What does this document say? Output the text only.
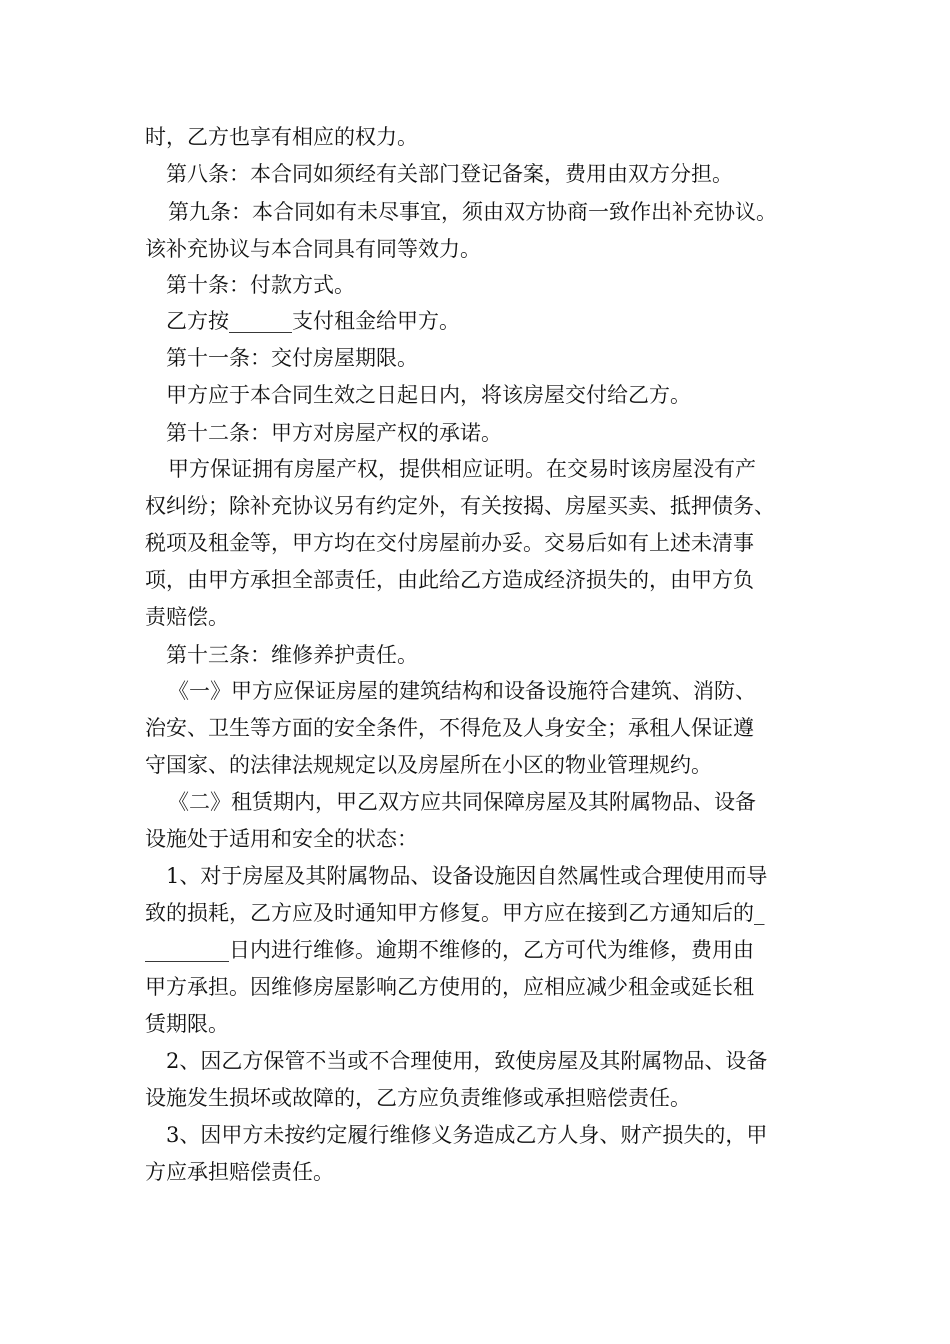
时，乙方也享有相应的权力。
第八条：本合同如须经有关部门登记备案，费用由双方分担。
第九条：本合同如有未尽事宜，须由双方协商一致作出补充协议。
该补充协议与本合同具有同等效力。
第十条：付款方式。
乙方按______支付租金给甲方。
第十一条：交付房屋期限。
甲方应于本合同生效之日起日内，将该房屋交付给乙方。
第十二条：甲方对房屋产权的承诺。
甲方保证拥有房屋产权，提供相应证明。在交易时该房屋没有产
权纠纷；除补充协议另有约定外，有关按揭、房屋买卖、抵押债务、
税项及租金等，甲方均在交付房屋前办妥。交易后如有上述未清事
项，由甲方承担全部责任，由此给乙方造成经济损失的，由甲方负
责赔偿。
第十三条：维修养护责任。
《一》甲方应保证房屋的建筑结构和设备设施符合建筑、消防、
治安、卫生等方面的安全条件，不得危及人身安全；承租人保证遵
守国家、的法律法规规定以及房屋所在小区的物业管理规约。
《二》租赁期内，甲乙双方应共同保障房屋及其附属物品、设备
设施处于适用和安全的状态：
1、对于房屋及其附属物品、设备设施因自然属性或合理使用而导
致的损耗，乙方应及时通知甲方修复。甲方应在接到乙方通知后的_
________日内进行维修。逾期不维修的，乙方可代为维修，费用由
甲方承担。因维修房屋影响乙方使用的，应相应减少租金或延长租
赁期限。
2、因乙方保管不当或不合理使用，致使房屋及其附属物品、设备
设施发生损坏或故障的，乙方应负责维修或承担赔偿责任。
3、因甲方未按约定履行维修义务造成乙方人身、财产损失的，甲
方应承担赔偿责任。
